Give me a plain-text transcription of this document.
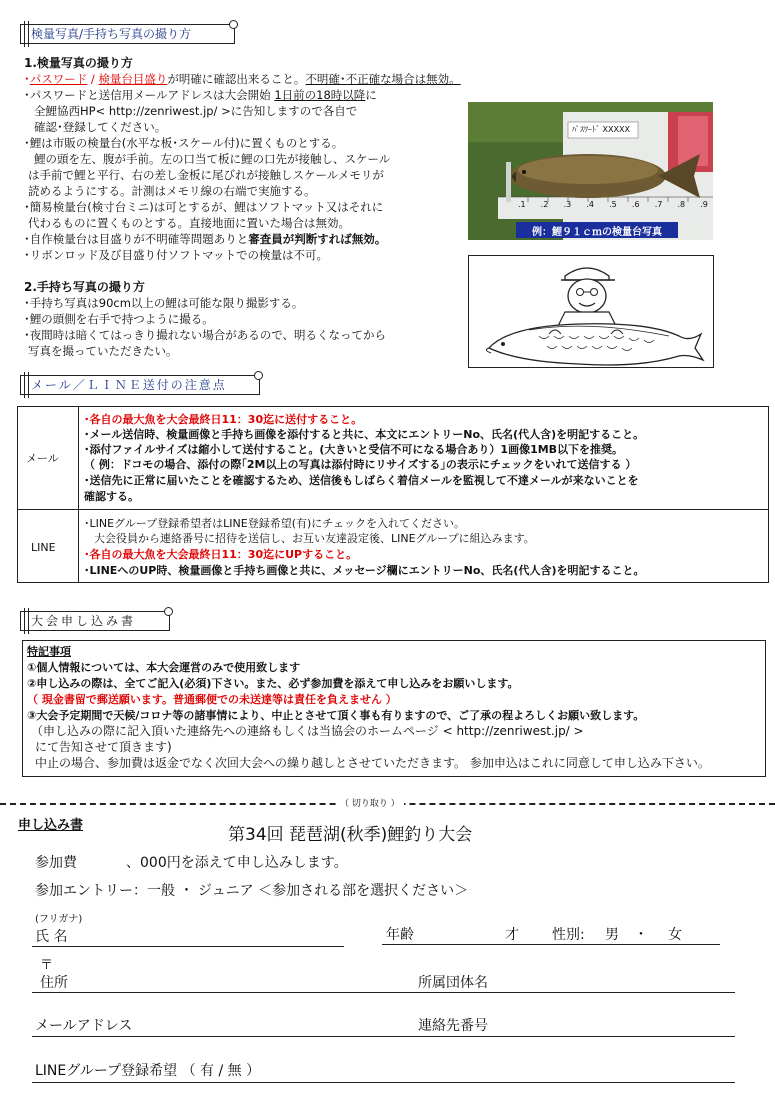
検量写真/手持ち写真の撮り方
1.検量写真の撮り方
･パスワード / 検量台目盛りが明確に確認出来ること。不明確･不正確な場合は無効。
･パスワードと送信用メールアドレスは大会開始 1日前の18時以降に
全鯉協西HP< http://zenriwest.jp/ >に告知しますので各自で
確認･登録してください。
･鯉は市販の検量台(水平な板･スケール付)に置くものとする。
鯉の頭を左、腹が手前。左の口当て板に鯉の口先が接触し、スケール
は手前で鯉と平行、右の差し金板に尾びれが接触しスケールメモリが
読めるようにする。計測はメモリ線の右端で実施する。
･簡易検量台(検寸台ミニ)は可とするが、鯉はソフトマット又はそれに
代わるものに置くものとする。直接地面に置いた場合は無効。
･自作検量台は目盛りが不明確等問題ありと審査員が判断すれば無効。
･リボンロッド及び目盛り付ソフトマットでの検量は不可。
2.手持ち写真の撮り方
･手持ち写真は90cm以上の鯉は可能な限り撮影する。
･鯉の頭側を右手で持つように撮る。
･夜間時は暗くてはっきり撮れない場合があるので、明るくなってから
写真を撮っていただきたい。
ﾊﾟｽﾜｰﾄﾞ XXXXX
.1 .2 .3 .4 .5 .6 .7 .8 .9
例：鯉９１ｃｍの検量台写真
メール／ＬＩＮＥ送付の注意点
メール
･各自の最大魚を大会最終日11：30迄に送付すること。
･メール送信時、検量画像と手持ち画像を添付すると共に、本文にエントリーNo、氏名(代人含)を明記すること。
･添付ファイルサイズは縮小して送付すること。(大きいと受信不可になる場合あり）1画像1MB以下を推奨。
（ 例：ドコモの場合、添付の際｢2M以上の写真は添付時にリサイズする｣の表示にチェックをいれて送信する ）
･送信先に正常に届いたことを確認するため、送信後もしばらく着信メールを監視して不達メールが来ないことを
確認する。
LINE
･LINEグループ登録希望者はLINE登録希望(有)にチェックを入れてください。
大会役員から連絡番号に招待を送信し、お互い友達設定後、LINEグループに組込みます。
･各自の最大魚を大会最終日11：30迄にUPすること。
･LINEへのUP時、検量画像と手持ち画像と共に、メッセージ欄にエントリーNo、氏名(代人含)を明記すること。
大会申し込み書
特記事項
①個人情報については、本大会運営のみで使用致します
②申し込みの際は、全てご記入(必須)下さい。また、必ず参加費を添えて申し込みをお願いします。
（ 現金書留で郵送願います。普通郵便での未送達等は責任を負えません ）
③大会予定期間で天候/コロナ等の諸事情により、中止とさせて頂く事も有りますので、ご了承の程よろしくお願い致します。
（申し込みの際に記入頂いた連絡先への連絡もしくは当協会のホームページ < http://zenriwest.jp/ >
にて告知させて頂きます)
中止の場合、参加費は返金でなく次回大会への繰り越しとさせていただきます。 参加申込はこれに同意して申し込み下さい。
（ 切り取り ）
申し込み書	第34回 琵琶湖(秋季)鯉釣り大会
参加費	、000円を添えて申し込みします。
参加エントリー：一般 ・ ジュニア ＜参加される部を選択ください＞
(フリガナ)
氏 名	年齢	才 性別: 男 ・ 女
〒
住所	所属団体名
メールアドレス	連絡先番号
LINEグループ登録希望 （ 有 / 無 ）
